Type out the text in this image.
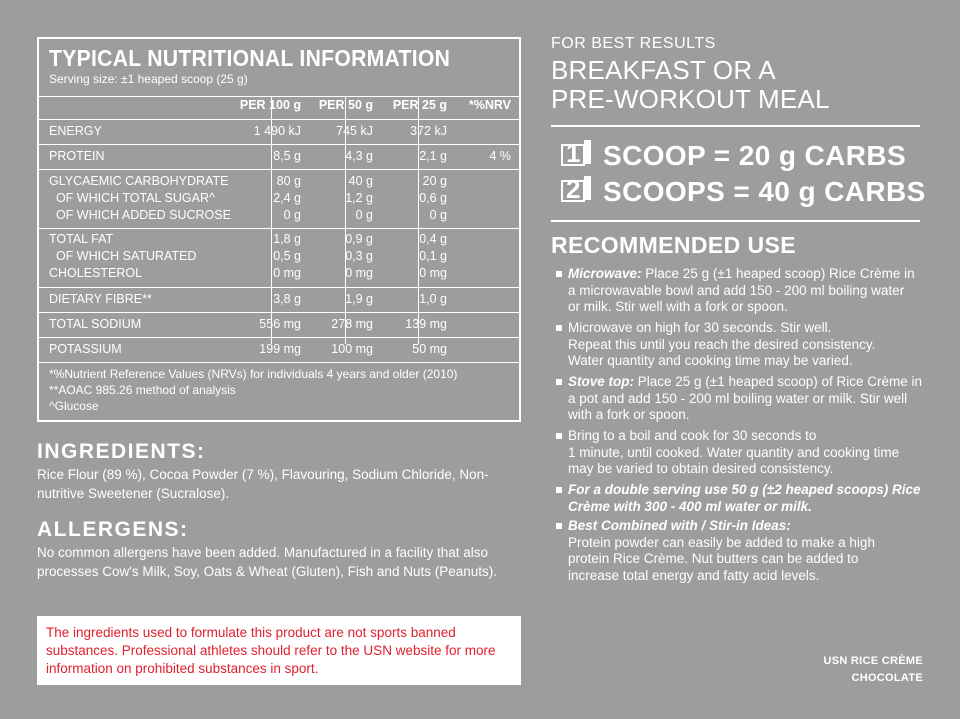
TYPICAL NUTRITIONAL INFORMATION
Serving size: ±1 heaped scoop (25 g)
PER 100 g PER 50 g PER 25 g *%NRV
ENERGY	1 490 kJ	745 kJ	372 kJ
PROTEIN	8,5 g	4,3 g	2,1 g	4 %
GLYCAEMIC CARBOHYDRATE	80 g	40 g	20 g
OF WHICH TOTAL SUGAR^	2,4 g	1,2 g	0,6 g
OF WHICH ADDED SUCROSE	0 g	0 g	0 g
TOTAL FAT	1,8 g	0,9 g	0,4 g
OF WHICH SATURATED	0,5 g	0,3 g	0,1 g
CHOLESTEROL	0 mg	0 mg	0 mg
DIETARY FIBRE**	3,8 g	1,9 g	1,0 g
TOTAL SODIUM	556 mg 278 mg	139 mg
POTASSIUM	199 mg 100 mg	50 mg
*%Nutrient Reference Values (NRVs) for individuals 4 years and older (2010)
**AOAC 985.26 method of analysis
^Glucose
INGREDIENTS:
Rice Flour (89 %), Cocoa Powder (7 %), Flavouring, Sodium Chloride, Non-nutritive Sweetener (Sucralose).
ALLERGENS:
No common allergens have been added. Manufactured in a facility that also processes Cow's Milk, Soy, Oats & Wheat (Gluten), Fish and Nuts (Peanuts).
The ingredients used to formulate this product are not sports banned substances. Professional athletes should refer to the USN website for more information on prohibited substances in sport.
FOR BEST RESULTS
BREAKFAST OR A
PRE-WORKOUT MEAL
1 SCOOP = 20 g CARBS
2 SCOOPS = 40 g CARBS
RECOMMENDED USE
Microwave: Place 25 g (±1 heaped scoop) Rice Crème in
a microwavable bowl and add 150 - 200 ml boiling water
or milk. Stir well with a fork or spoon.
Microwave on high for 30 seconds. Stir well.
Repeat this until you reach the desired consistency.
Water quantity and cooking time may be varied.
Stove top: Place 25 g (±1 heaped scoop) of Rice Crème in
a pot and add 150 - 200 ml boiling water or milk. Stir well
with a fork or spoon.
Bring to a boil and cook for 30 seconds to
1 minute, until cooked. Water quantity and cooking time
may be varied to obtain desired consistency.
For a double serving use 50 g (±2 heaped scoops) Rice
Crème with 300 - 400 ml water or milk.
Best Combined with / Stir-in Ideas:
Protein powder can easily be added to make a high
protein Rice Crème. Nut butters can be added to
increase total energy and fatty acid levels.
USN RICE CRÈME
CHOCOLATE
